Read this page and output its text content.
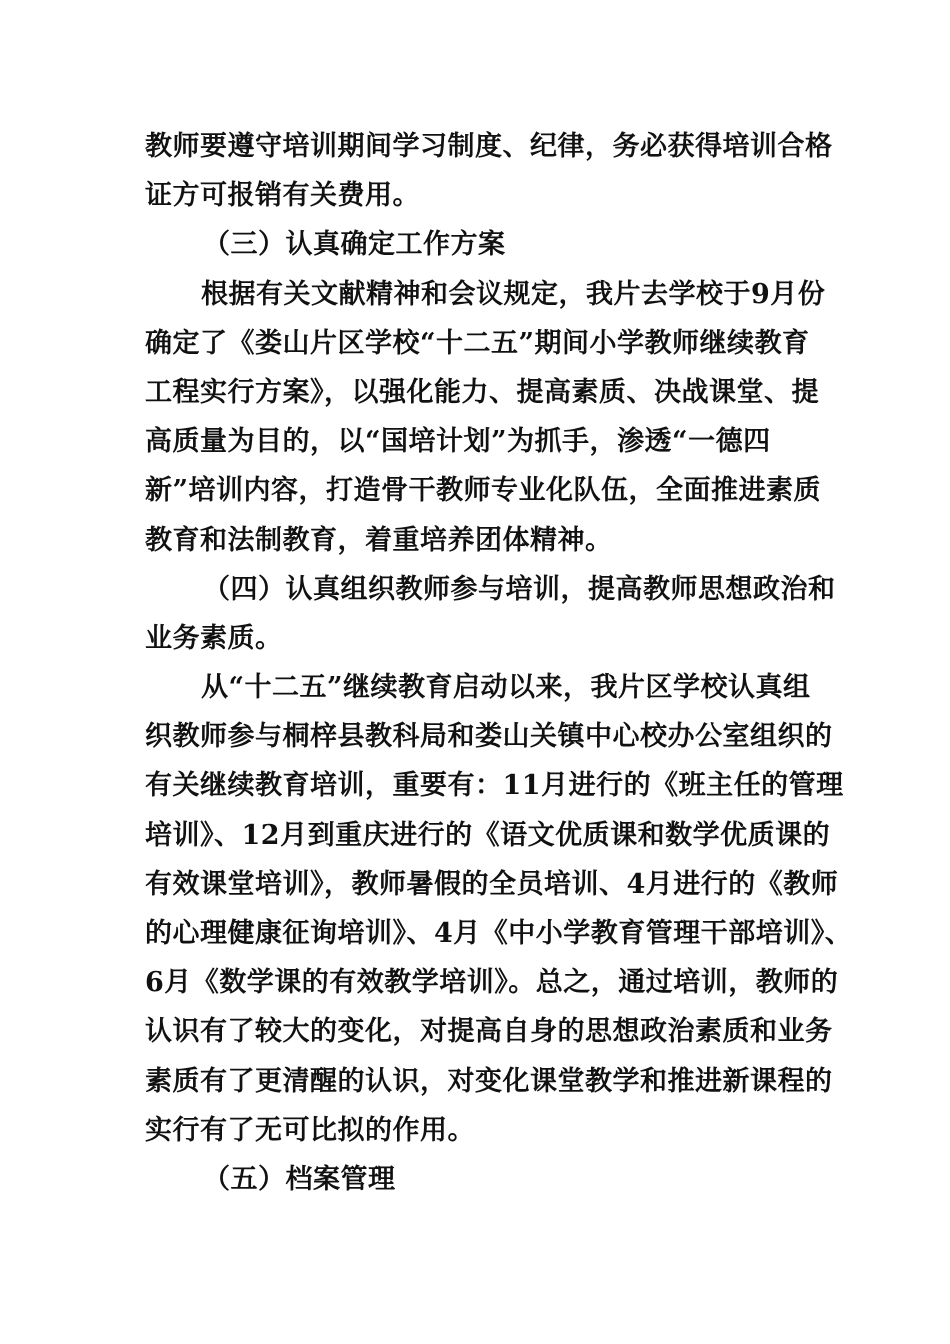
教师要遵守培训期间学习制度、纪律，务必获得培训合格
证方可报销有关费用。
（三）认真确定工作方案
根据有关文献精神和会议规定，我片去学校于9月份
确定了《娄山片区学校“十二五”期间小学教师继续教育
工程实行方案》，以强化能力、提高素质、决战课堂、提
高质量为目的，以“国培计划”为抓手，渗透“一德四
新”培训内容，打造骨干教师专业化队伍，全面推进素质
教育和法制教育，着重培养团体精神。
（四）认真组织教师参与培训，提高教师思想政治和
业务素质。
从“十二五”继续教育启动以来，我片区学校认真组
织教师参与桐梓县教科局和娄山关镇中心校办公室组织的
有关继续教育培训，重要有：11月进行的《班主任的管理
培训》、12月到重庆进行的《语文优质课和数学优质课的
有效课堂培训》，教师暑假的全员培训、4月进行的《教师
的心理健康征询培训》、4月《中小学教育管理干部培训》、
6月《数学课的有效教学培训》。总之，通过培训，教师的
认识有了较大的变化，对提高自身的思想政治素质和业务
素质有了更清醒的认识，对变化课堂教学和推进新课程的
实行有了无可比拟的作用。
（五）档案管理
